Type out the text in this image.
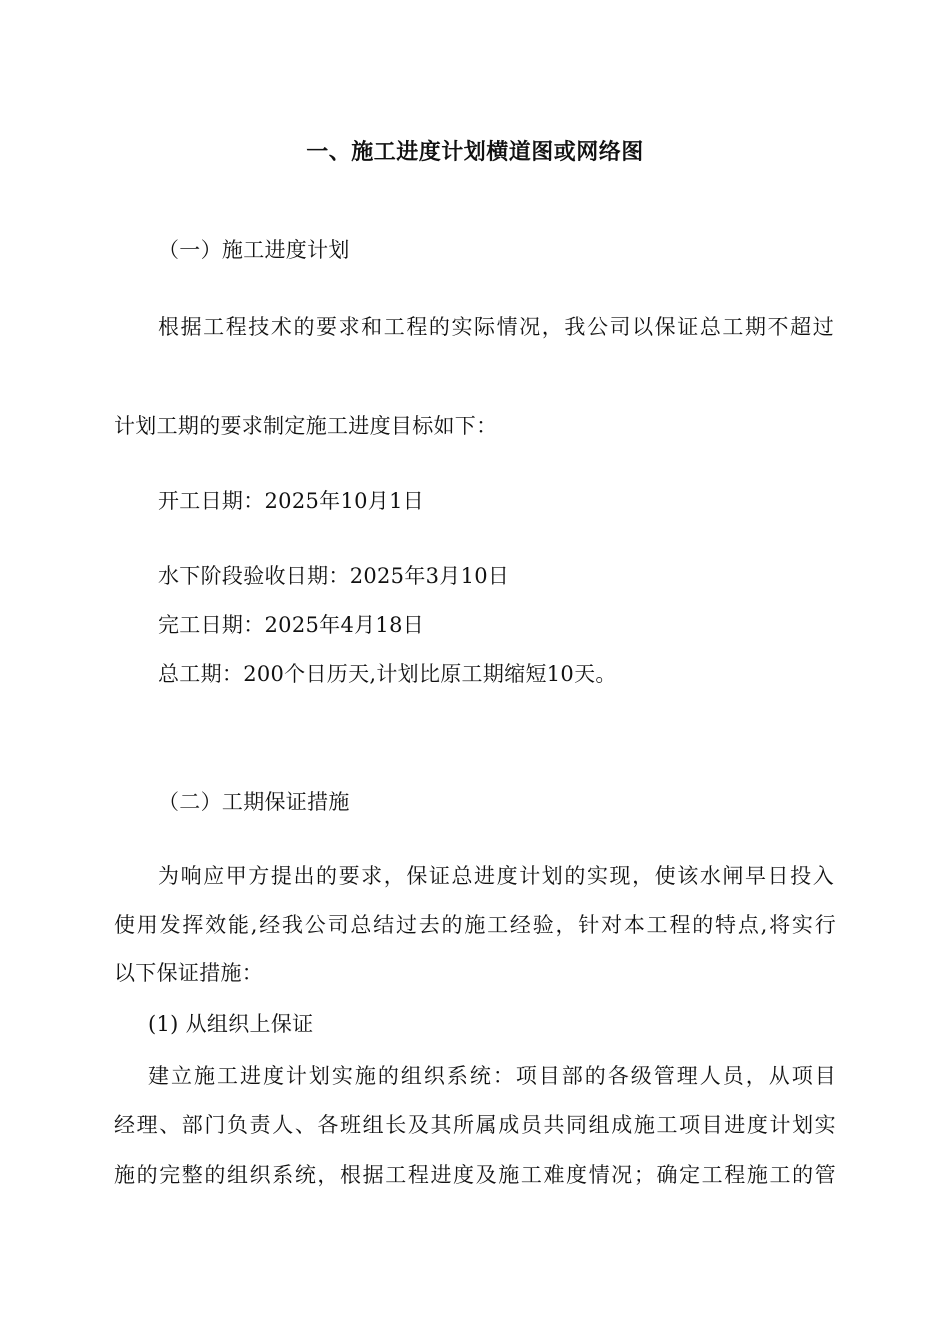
一、施工进度计划横道图或网络图
（一）施工进度计划
根据工程技术的要求和工程的实际情况，我公司以保证总工期不超过
计划工期的要求制定施工进度目标如下：
开工日期：2025年10月1日
水下阶段验收日期：2025年3月10日
完工日期：2025年4月18日
总工期：200个日历天,计划比原工期缩短10天。
（二）工期保证措施
为响应甲方提出的要求，保证总进度计划的实现，使该水闸早日投入
使用发挥效能,经我公司总结过去的施工经验，针对本工程的特点,将实行
以下保证措施：
(1) 从组织上保证
建立施工进度计划实施的组织系统：项目部的各级管理人员，从项目
经理、部门负责人、各班组长及其所属成员共同组成施工项目进度计划实
施的完整的组织系统，根据工程进度及施工难度情况；确定工程施工的管
